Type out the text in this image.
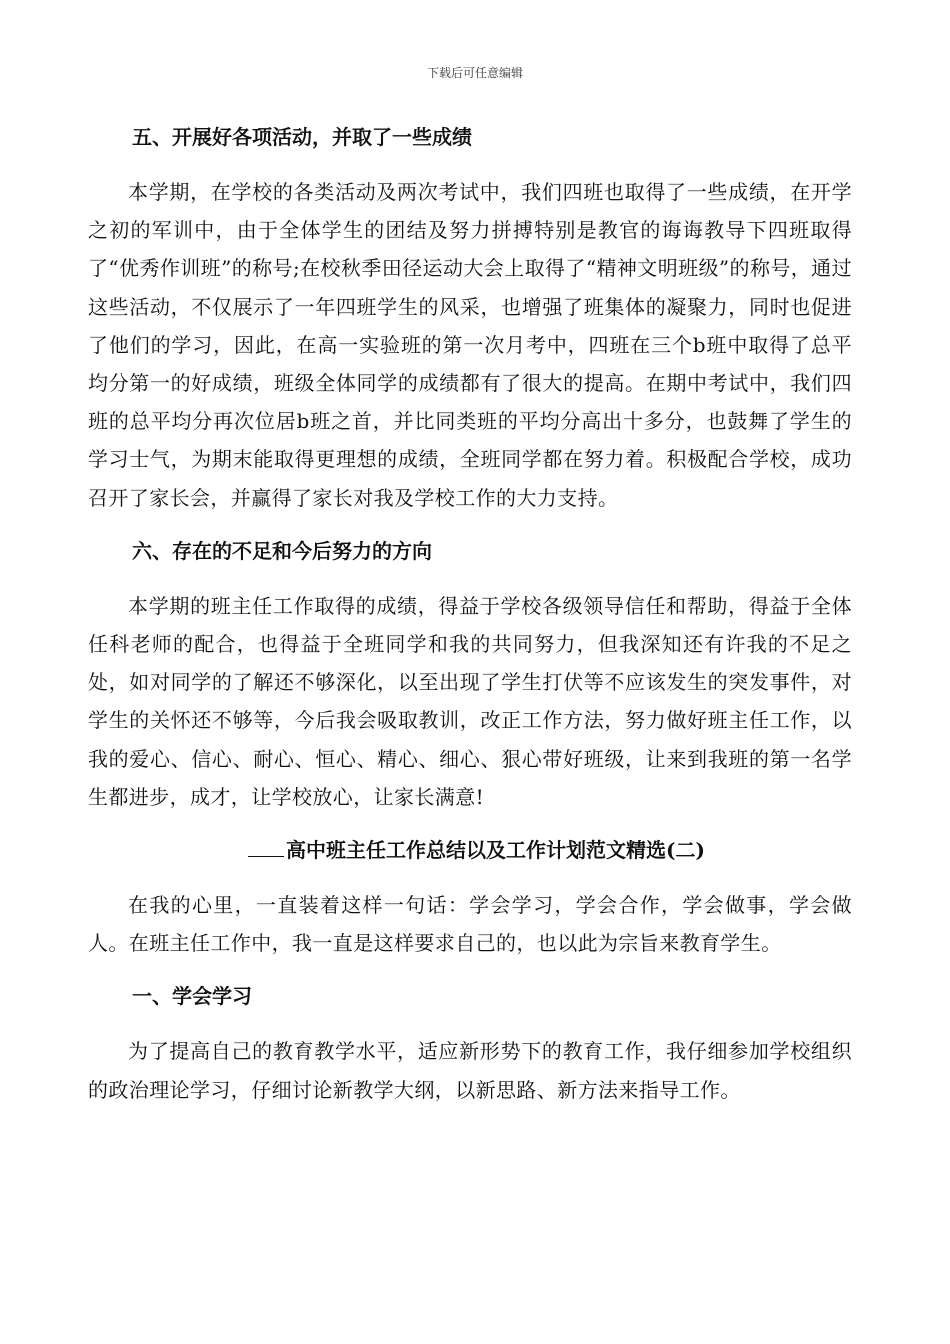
下载后可任意编辑

五、开展好各项活动，并取了一些成绩

本学期，在学校的各类活动及两次考试中，我们四班也取得了一些成绩，在开学之初的军训中，由于全体学生的团结及努力拼搏特别是教官的诲诲教导下四班取得了“优秀作训班”的称号;在校秋季田径运动大会上取得了“精神文明班级”的称号，通过这些活动，不仅展示了一年四班学生的风采，也增强了班集体的凝聚力，同时也促进了他们的学习，因此，在高一实验班的第一次月考中，四班在三个b班中取得了总平均分第一的好成绩，班级全体同学的成绩都有了很大的提高。在期中考试中，我们四班的总平均分再次位居b班之首，并比同类班的平均分高出十多分，也鼓舞了学生的学习士气，为期末能取得更理想的成绩，全班同学都在努力着。积极配合学校，成功召开了家长会，并赢得了家长对我及学校工作的大力支持。

六、存在的不足和今后努力的方向

本学期的班主任工作取得的成绩，得益于学校各级领导信任和帮助，得益于全体任科老师的配合，也得益于全班同学和我的共同努力，但我深知还有许我的不足之处，如对同学的了解还不够深化，以至出现了学生打伏等不应该发生的突发事件，对学生的关怀还不够等，今后我会吸取教训，改正工作方法，努力做好班主任工作，以我的爱心、信心、耐心、恒心、精心、细心、狠心带好班级，让来到我班的第一名学生都进步，成才，让学校放心，让家长满意!

高中班主任工作总结以及工作计划范文精选(二)

在我的心里，一直装着这样一句话：学会学习，学会合作，学会做事，学会做人。在班主任工作中，我一直是这样要求自己的，也以此为宗旨来教育学生。

一、学会学习

为了提高自己的教育教学水平，适应新形势下的教育工作，我仔细参加学校组织的政治理论学习，仔细讨论新教学大纲，以新思路、新方法来指导工作。
